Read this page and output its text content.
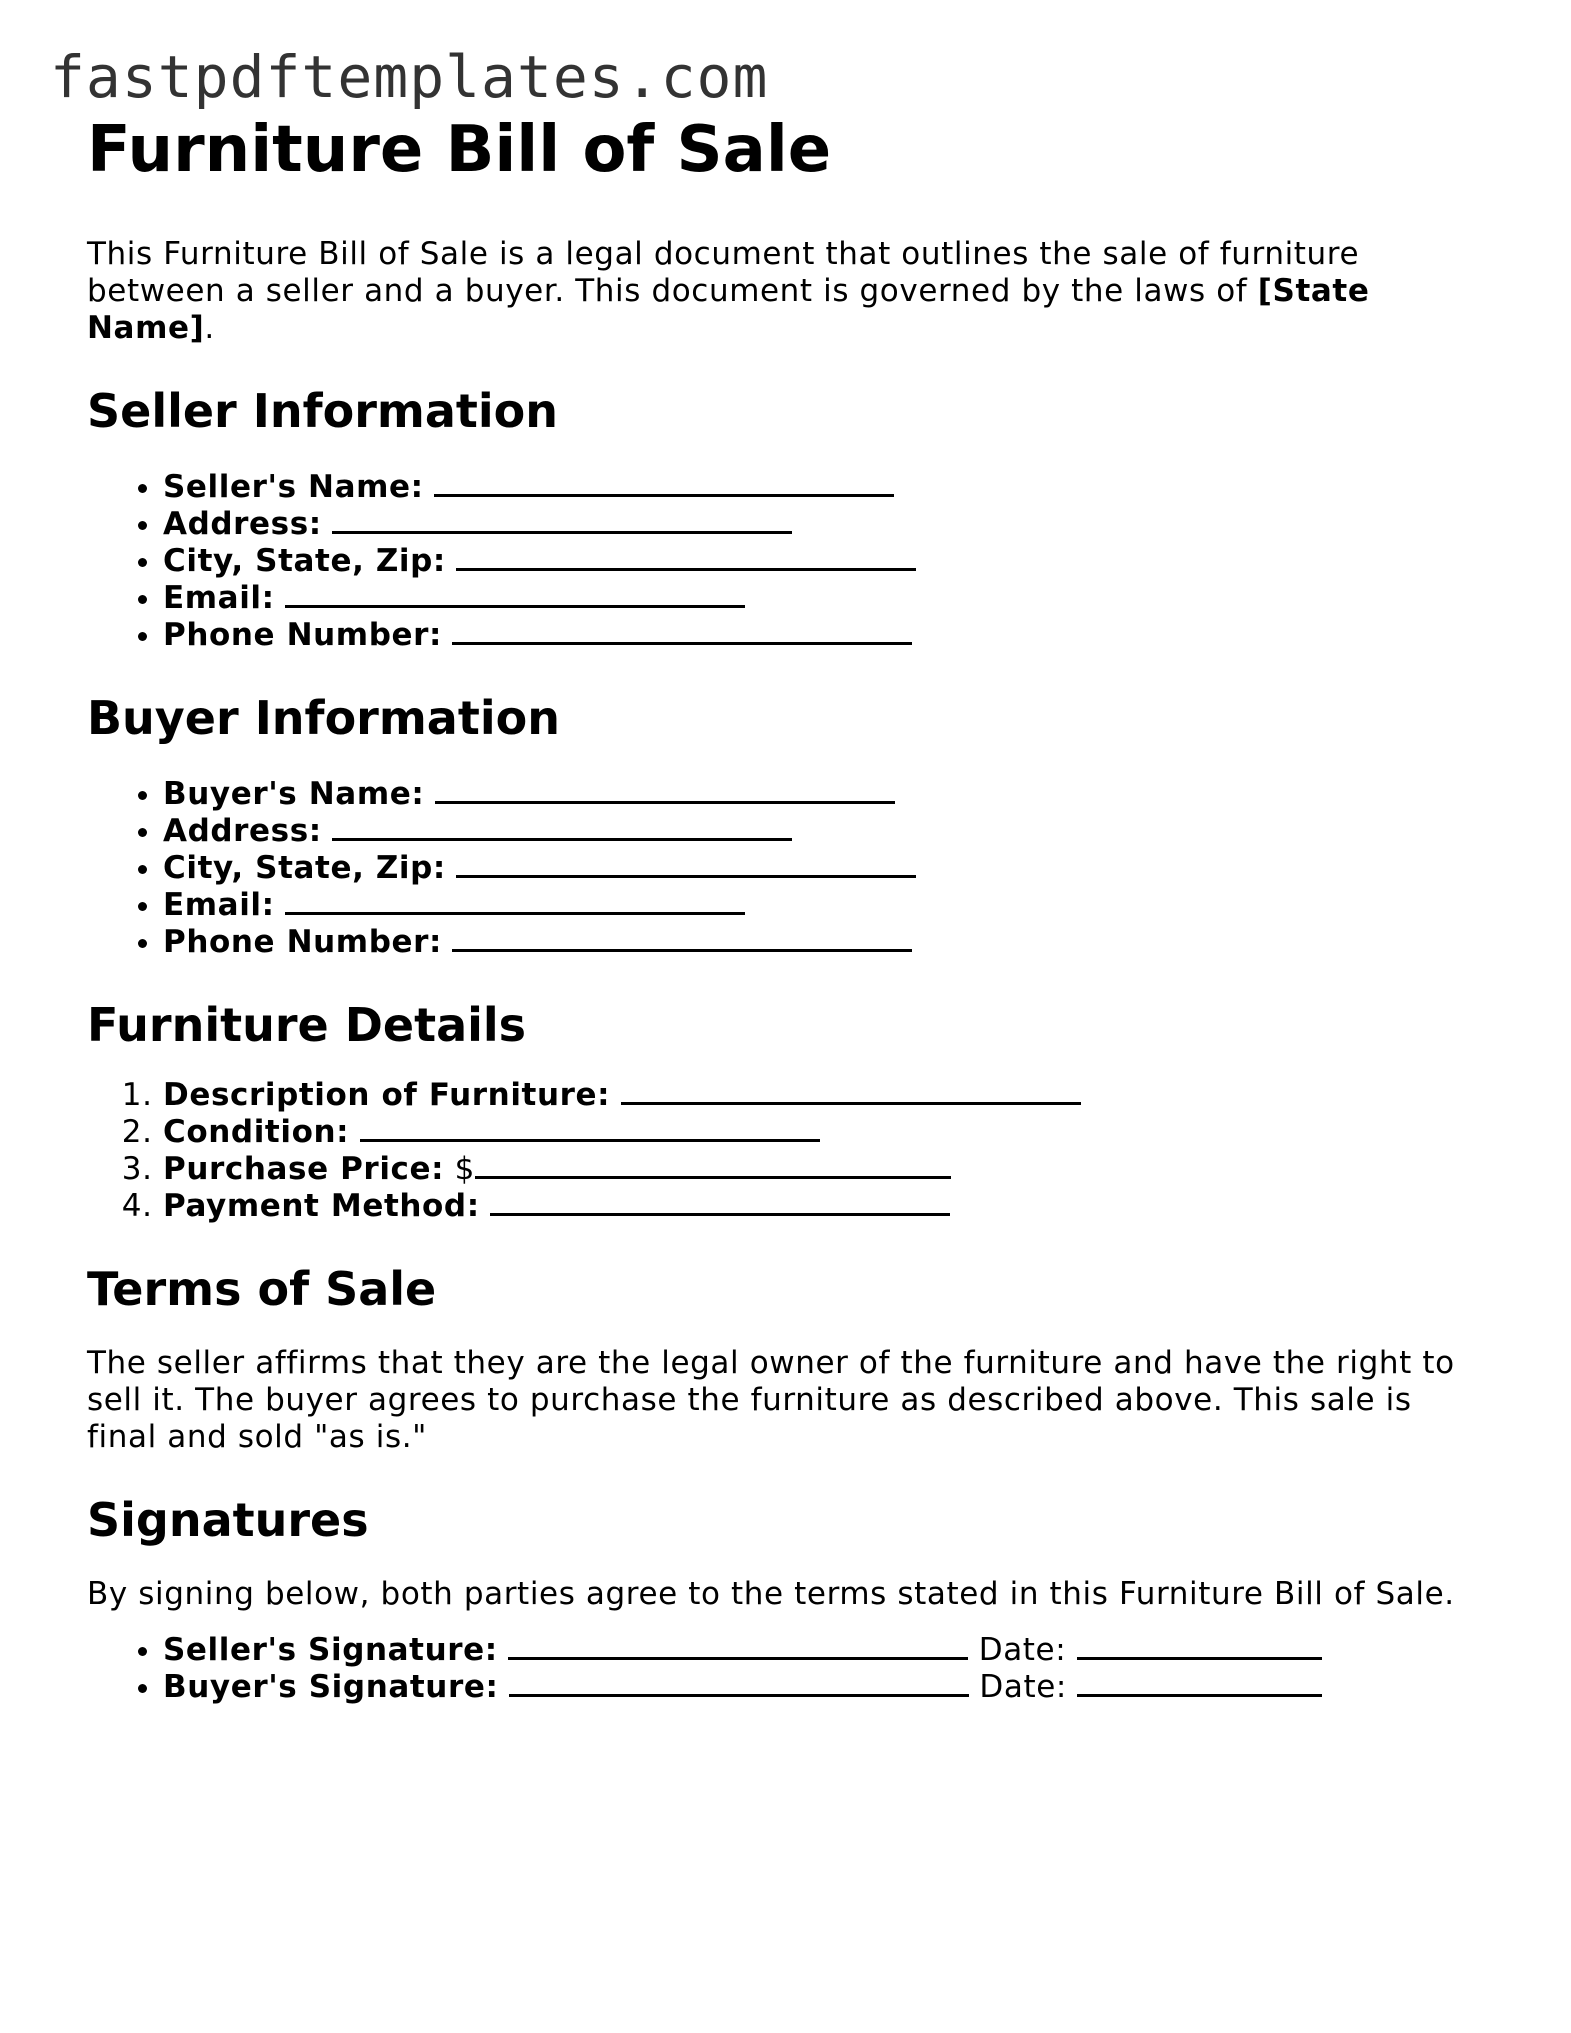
fastpdftemplates.com
Furniture Bill of Sale

This Furniture Bill of Sale is a legal document that outlines the sale of furniture between a seller and a buyer. This document is governed by the laws of [State Name].

Seller Information
• Seller's Name:
• Address:
• City, State, Zip:
• Email:
• Phone Number:
Buyer Information
• Buyer's Name:
• Address:
• City, State, Zip:
• Email:
• Phone Number:
Furniture Details
1. Description of Furniture:
2. Condition:
3. Purchase Price: $
4. Payment Method:
Terms of Sale

The seller affirms that they are the legal owner of the furniture and have the right to sell it. The buyer agrees to purchase the furniture as described above. This sale is final and sold "as is."

Signatures

By signing below, both parties agree to the terms stated in this Furniture Bill of Sale.

• Seller's Signature:	Date:
• Buyer's Signature:	Date:
